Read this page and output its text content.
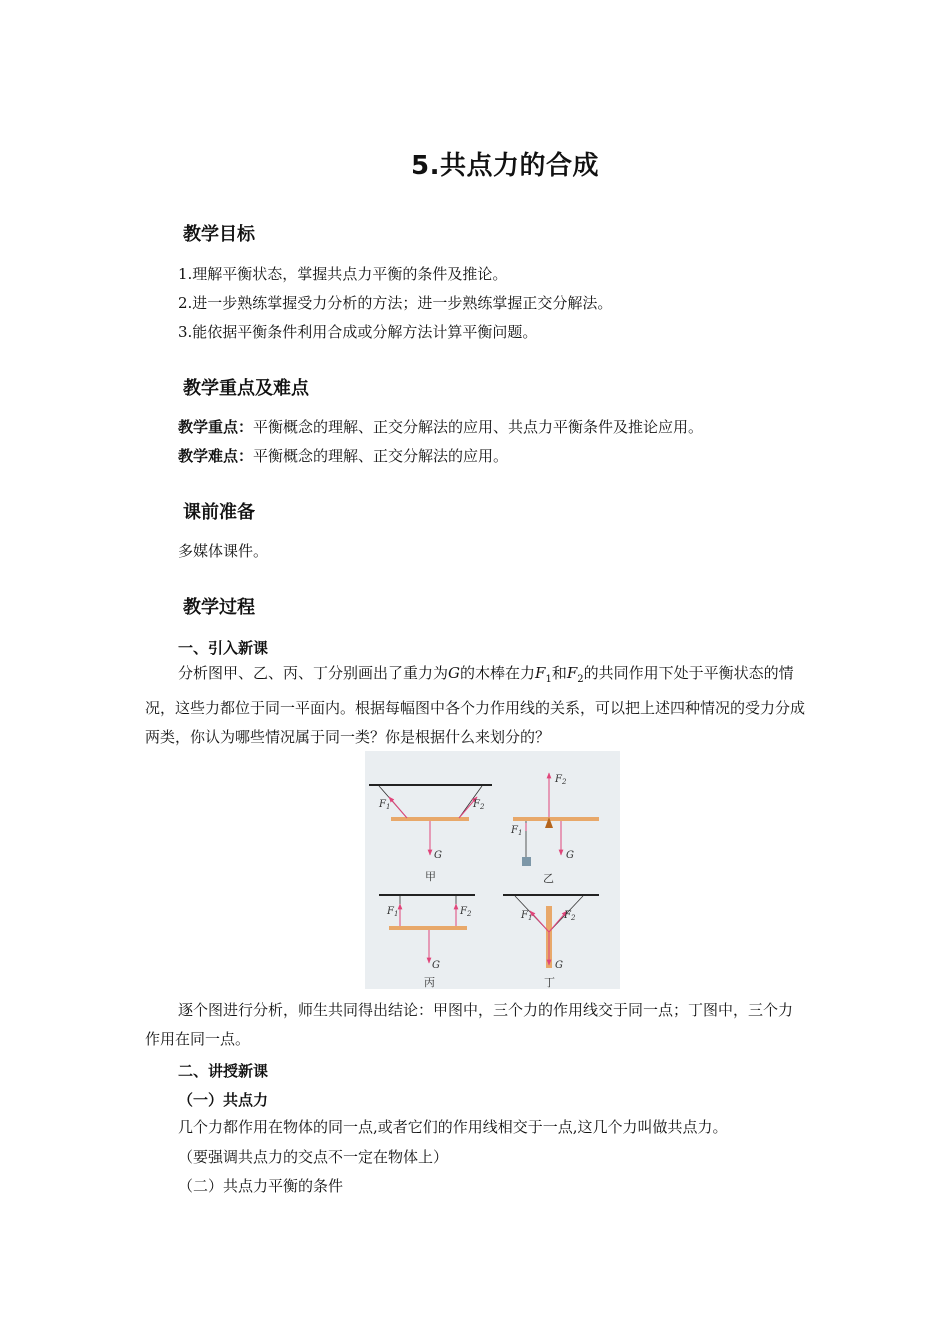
5.共点力的合成
教学目标
1.理解平衡状态，掌握共点力平衡的条件及推论。
2.进一步熟练掌握受力分析的方法；进一步熟练掌握正交分解法。
3.能依据平衡条件利用合成或分解方法计算平衡问题。
教学重点及难点
教学重点：平衡概念的理解、正交分解法的应用、共点力平衡条件及推论应用。
教学难点：平衡概念的理解、正交分解法的应用。
课前准备
多媒体课件。
教学过程
一、引入新课
分析图甲、乙、丙、丁分别画出了重力为G的木棒在力$F_1$和$F_2$的共同作用下处于平衡状态的情况，这些力都位于同一平面内。根据每幅图中各个力作用线的关系，可以把上述四种情况的受力分成两类，你认为哪些情况属于同一类？你是根据什么来划分的？
$F_1$	$F_2$
G
甲
$F_2$
$F_1$
G
乙
$F_1$	$F_2$
G
丙
$F_1$	$F_2$
G
丁
逐个图进行分析，师生共同得出结论：甲图中，三个力的作用线交于同一点；丁图中，三个力作用在同一点。
二、讲授新课
（一）共点力
几个力都作用在物体的同一点,或者它们的作用线相交于一点,这几个力叫做共点力。
（要强调共点力的交点不一定在物体上）
（二）共点力平衡的条件
